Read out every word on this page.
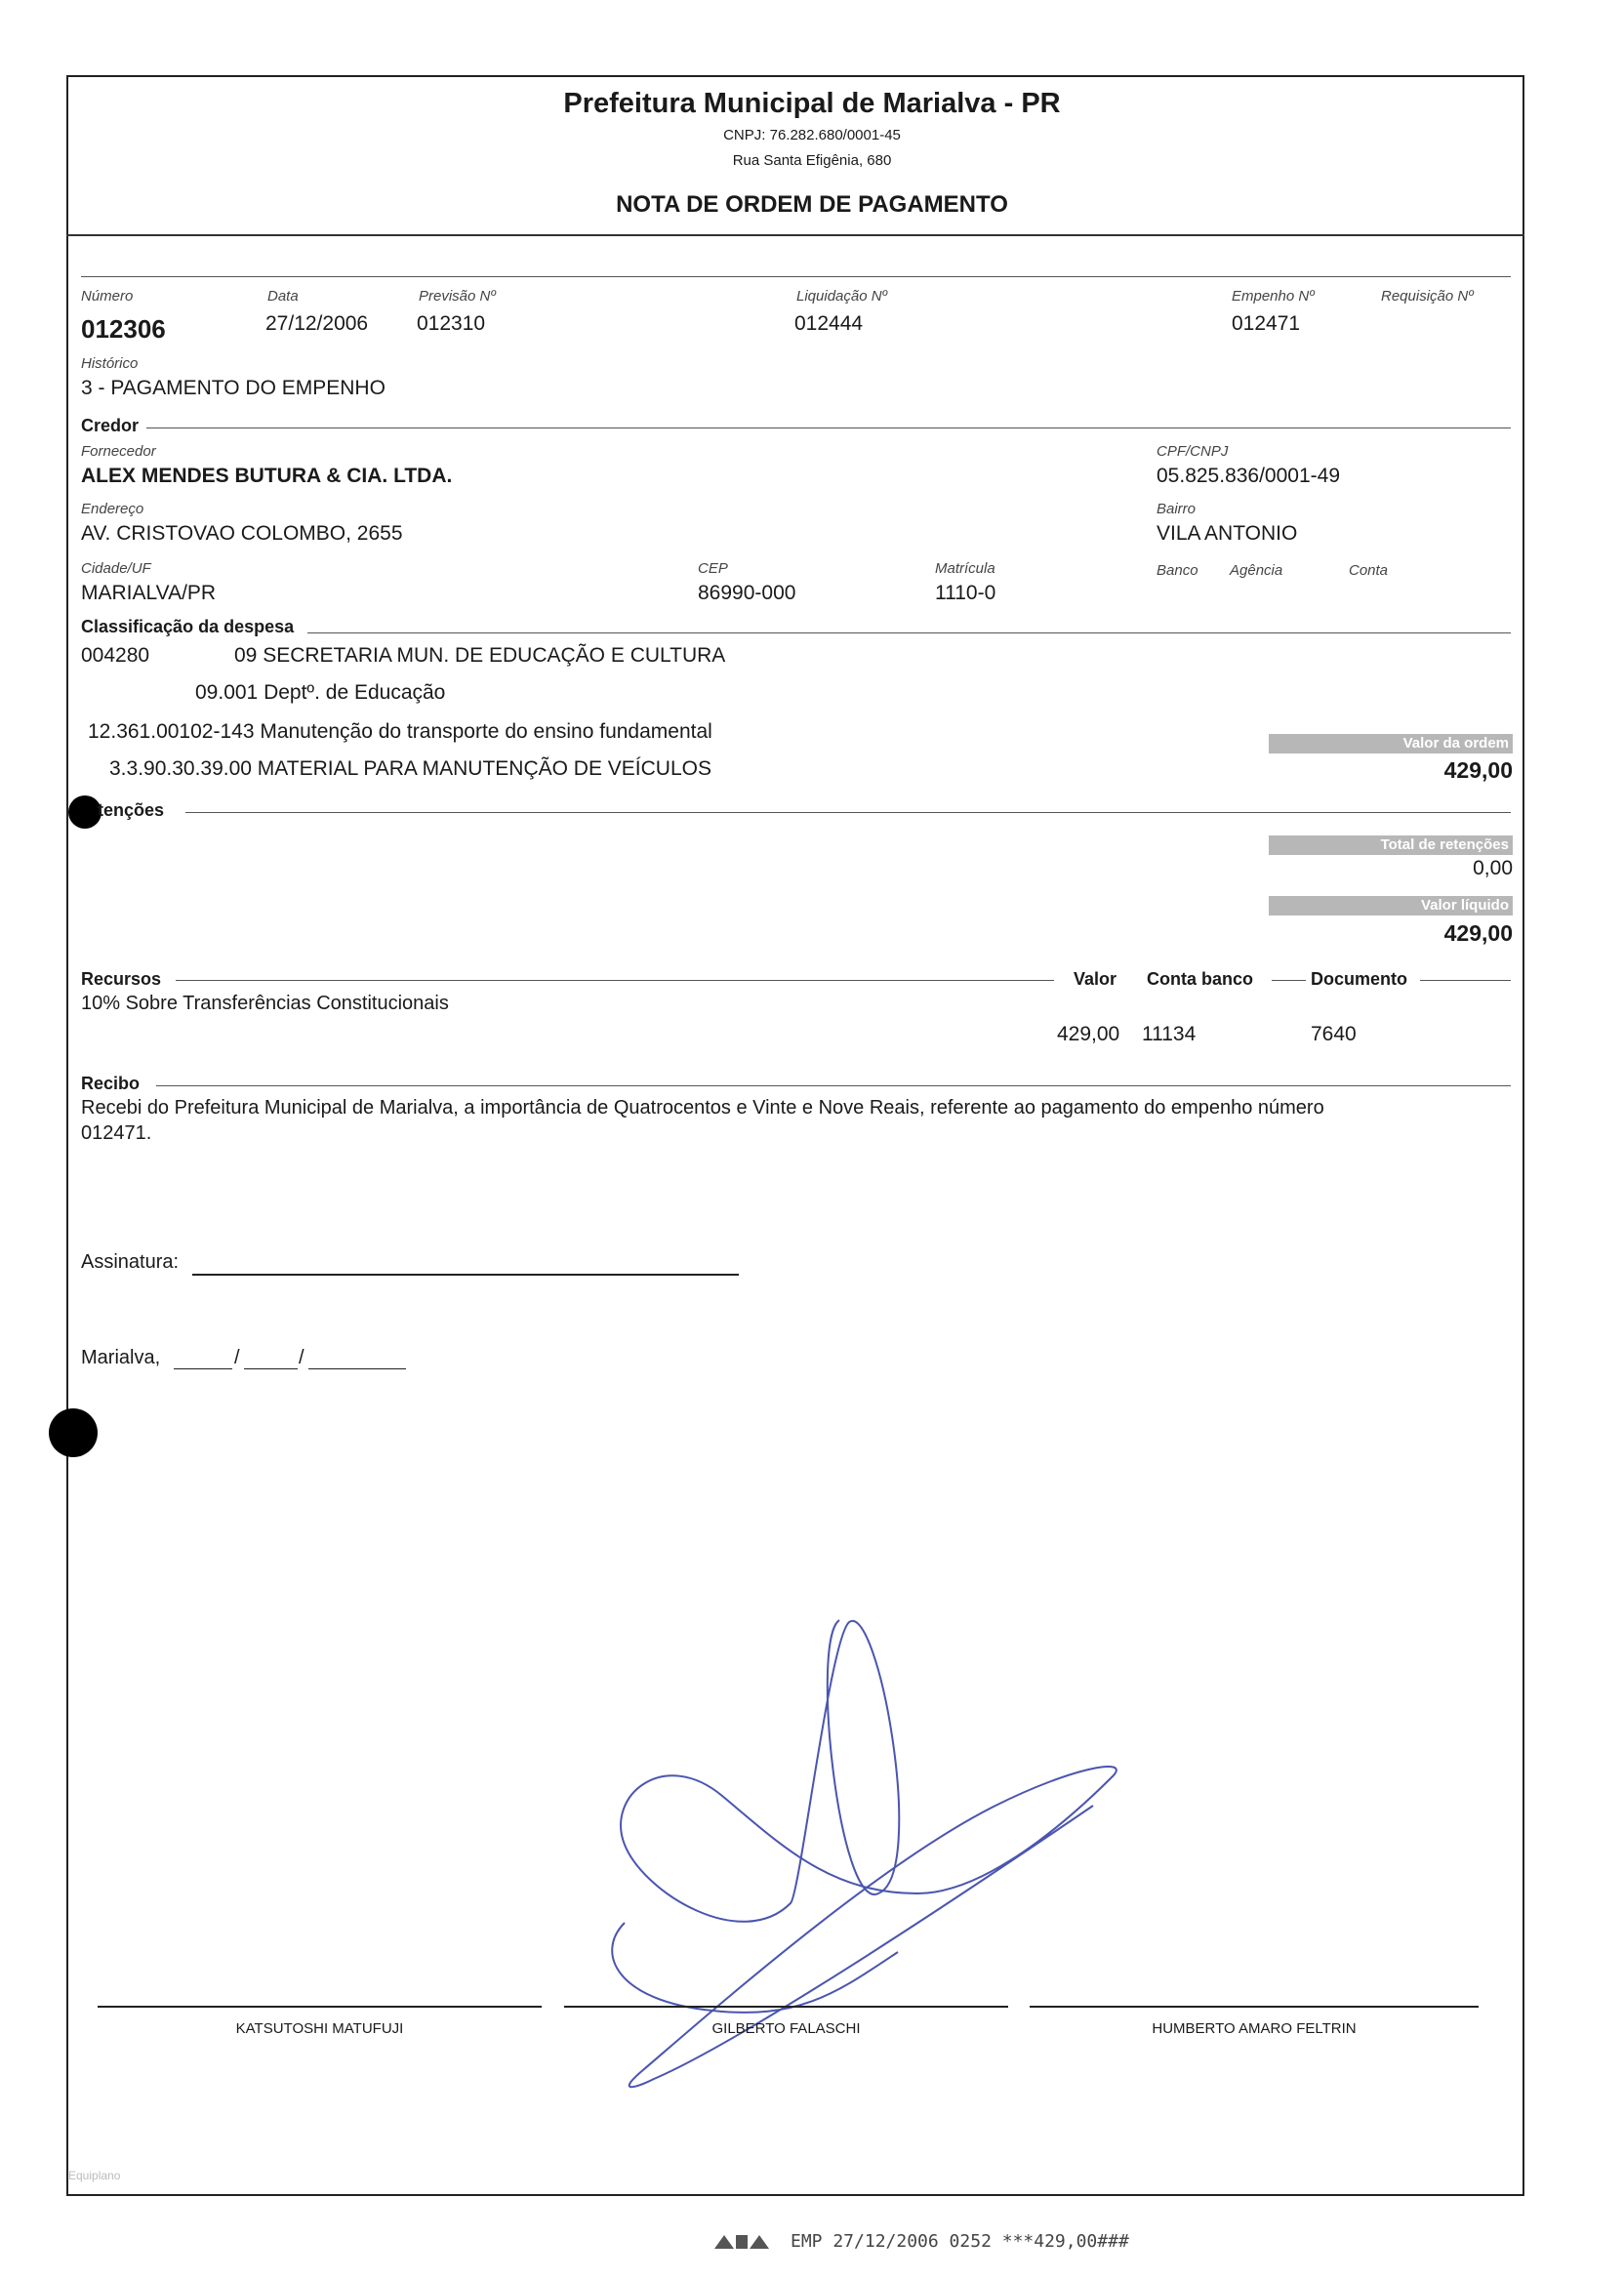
Prefeitura Municipal de Marialva - PR
CNPJ: 76.282.680/0001-45
Rua Santa Efigênia, 680
NOTA DE ORDEM DE PAGAMENTO
Número
012306
Data
27/12/2006
Previsão Nº
012310
Liquidação Nº
012444
Empenho Nº
012471
Requisição Nº
Histórico
3 - PAGAMENTO DO EMPENHO
Credor
Fornecedor
ALEX MENDES BUTURA & CIA. LTDA.
CPF/CNPJ
05.825.836/0001-49
Endereço
AV. CRISTOVAO COLOMBO, 2655
Bairro
VILA ANTONIO
Cidade/UF
MARIALVA/PR
CEP
86990-000
Matrícula
1110-0
Banco Agência	Conta
Classificação da despesa
004280	09 SECRETARIA MUN. DE EDUCAÇÃO E CULTURA
09.001 Deptº. de Educação
12.361.00102-143 Manutenção do transporte do ensino fundamental
3.3.90.30.39.00 MATERIAL PARA MANUTENÇÃO DE VEÍCULOS
Valor da ordem
429,00
tenções
Total de retenções
0,00
Valor líquido
429,00
Recursos	Valor Conta banco	Documento
10% Sobre Transferências Constitucionais
429,00 11134	7640
Recibo
Recebi do Prefeitura Municipal de Marialva, a importância de Quatrocentos e Vinte e Nove Reais, referente ao pagamento do empenho número
012471.
Assinatura:
Marialva,	/	/
KATSUTOSHI MATUFUJI	GILBERTO FALASCHI	HUMBERTO AMARO FELTRIN
Equiplano
EMP 27/12/2006 0252 ***429,00###
